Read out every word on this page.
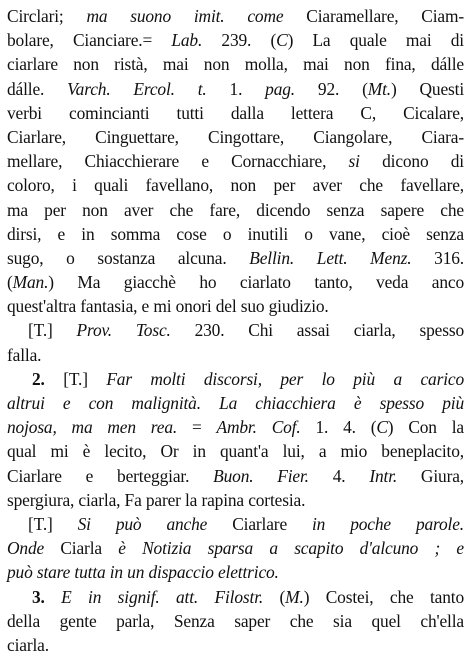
Circlari; ma suono imit. come Ciaramellare, Ciam-
bolare, Cianciare.= Lab. 239. (C) La quale mai di
ciarlare non ristà, mai non molla, mai non fina, dálle
dálle. Varch. Ercol. t. 1. pag. 92. (Mt.) Questi
verbi comincianti tutti dalla lettera C, Cicalare,
Ciarlare, Cinguettare, Cingottare, Ciangolare, Ciara-
mellare, Chiacchierare e Cornacchiare, si dicono di
coloro, i quali favellano, non per aver che favellare,
ma per non aver che fare, dicendo senza sapere che
dirsi, e in somma cose o inutili o vane, cioè senza
sugo, o sostanza alcuna. Bellin. Lett. Menz. 316.
(Man.) Ma giacchè ho ciarlato tanto, veda anco
quest'altra fantasia, e mi onori del suo giudizio.
[T.] Prov. Tosc. 230. Chi assai ciarla, spesso
falla.
2. [T.] Far molti discorsi, per lo più a carico
altrui e con malignità. La chiacchiera è spesso più
nojosa, ma men rea. = Ambr. Cof. 1. 4. (C) Con la
qual mi è lecito, Or in quant'a lui, a mio beneplacito,
Ciarlare e berteggiar. Buon. Fier. 4. Intr. Giura,
spergiura, ciarla, Fa parer la rapina cortesia.
[T.] Si può anche Ciarlare in poche parole.
Onde Ciarla è Notizia sparsa a scapito d'alcuno ; e
può stare tutta in un dispaccio elettrico.
3. E in signif. att. Filostr. (M.) Costei, che tanto
della gente parla, Senza saper che sia quel ch'ella
ciarla.
